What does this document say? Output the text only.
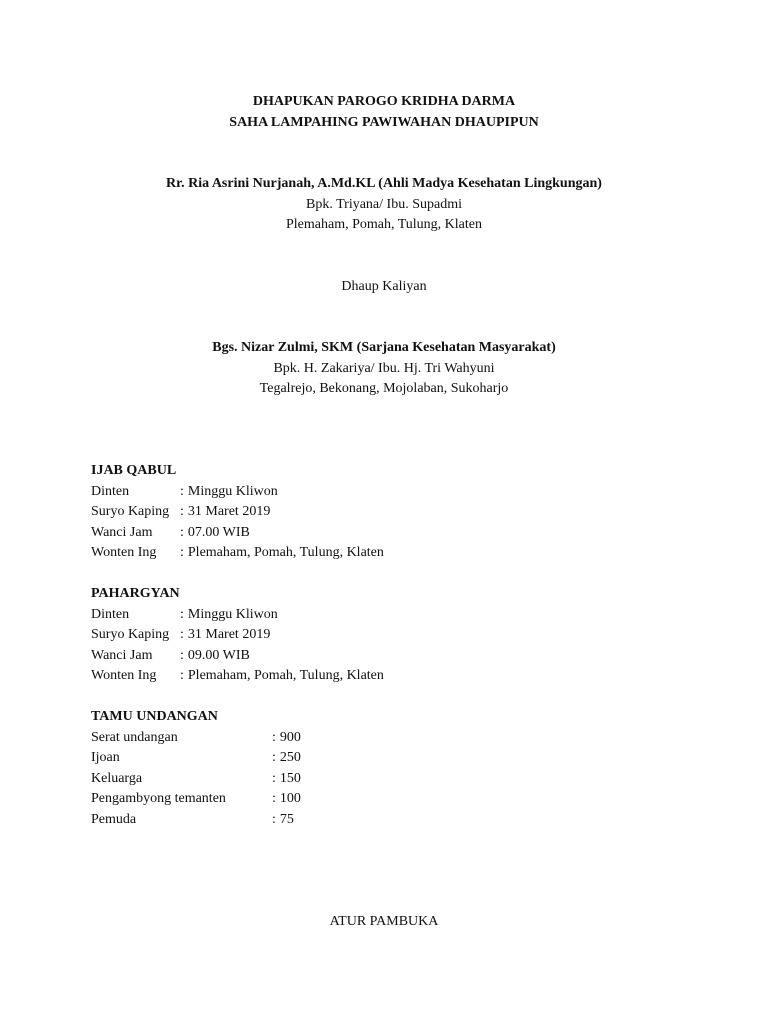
DHAPUKAN PAROGO KRIDHA DARMA
SAHA LAMPAHING PAWIWAHAN DHAUPIPUN
Rr. Ria Asrini Nurjanah, A.Md.KL (Ahli Madya Kesehatan Lingkungan)
Bpk. Triyana/ Ibu. Supadmi
Plemaham, Pomah, Tulung, Klaten
Dhaup Kaliyan
Bgs. Nizar Zulmi, SKM (Sarjana Kesehatan Masyarakat)
Bpk. H. Zakariya/ Ibu. Hj. Tri Wahyuni
Tegalrejo, Bekonang, Mojolaban, Sukoharjo
IJAB QABUL
Dinten	: Minggu Kliwon
Suryo Kaping : 31 Maret 2019
Wanci Jam	: 07.00 WIB
Wonten Ing	: Plemaham, Pomah, Tulung, Klaten
PAHARGYAN
Dinten	: Minggu Kliwon
Suryo Kaping : 31 Maret 2019
Wanci Jam	: 09.00 WIB
Wonten Ing	: Plemaham, Pomah, Tulung, Klaten
TAMU UNDANGAN
Serat undangan	: 900
Ijoan	: 250
Keluarga	: 150
Pengambyong temanten	: 100
Pemuda	: 75
ATUR PAMBUKA
